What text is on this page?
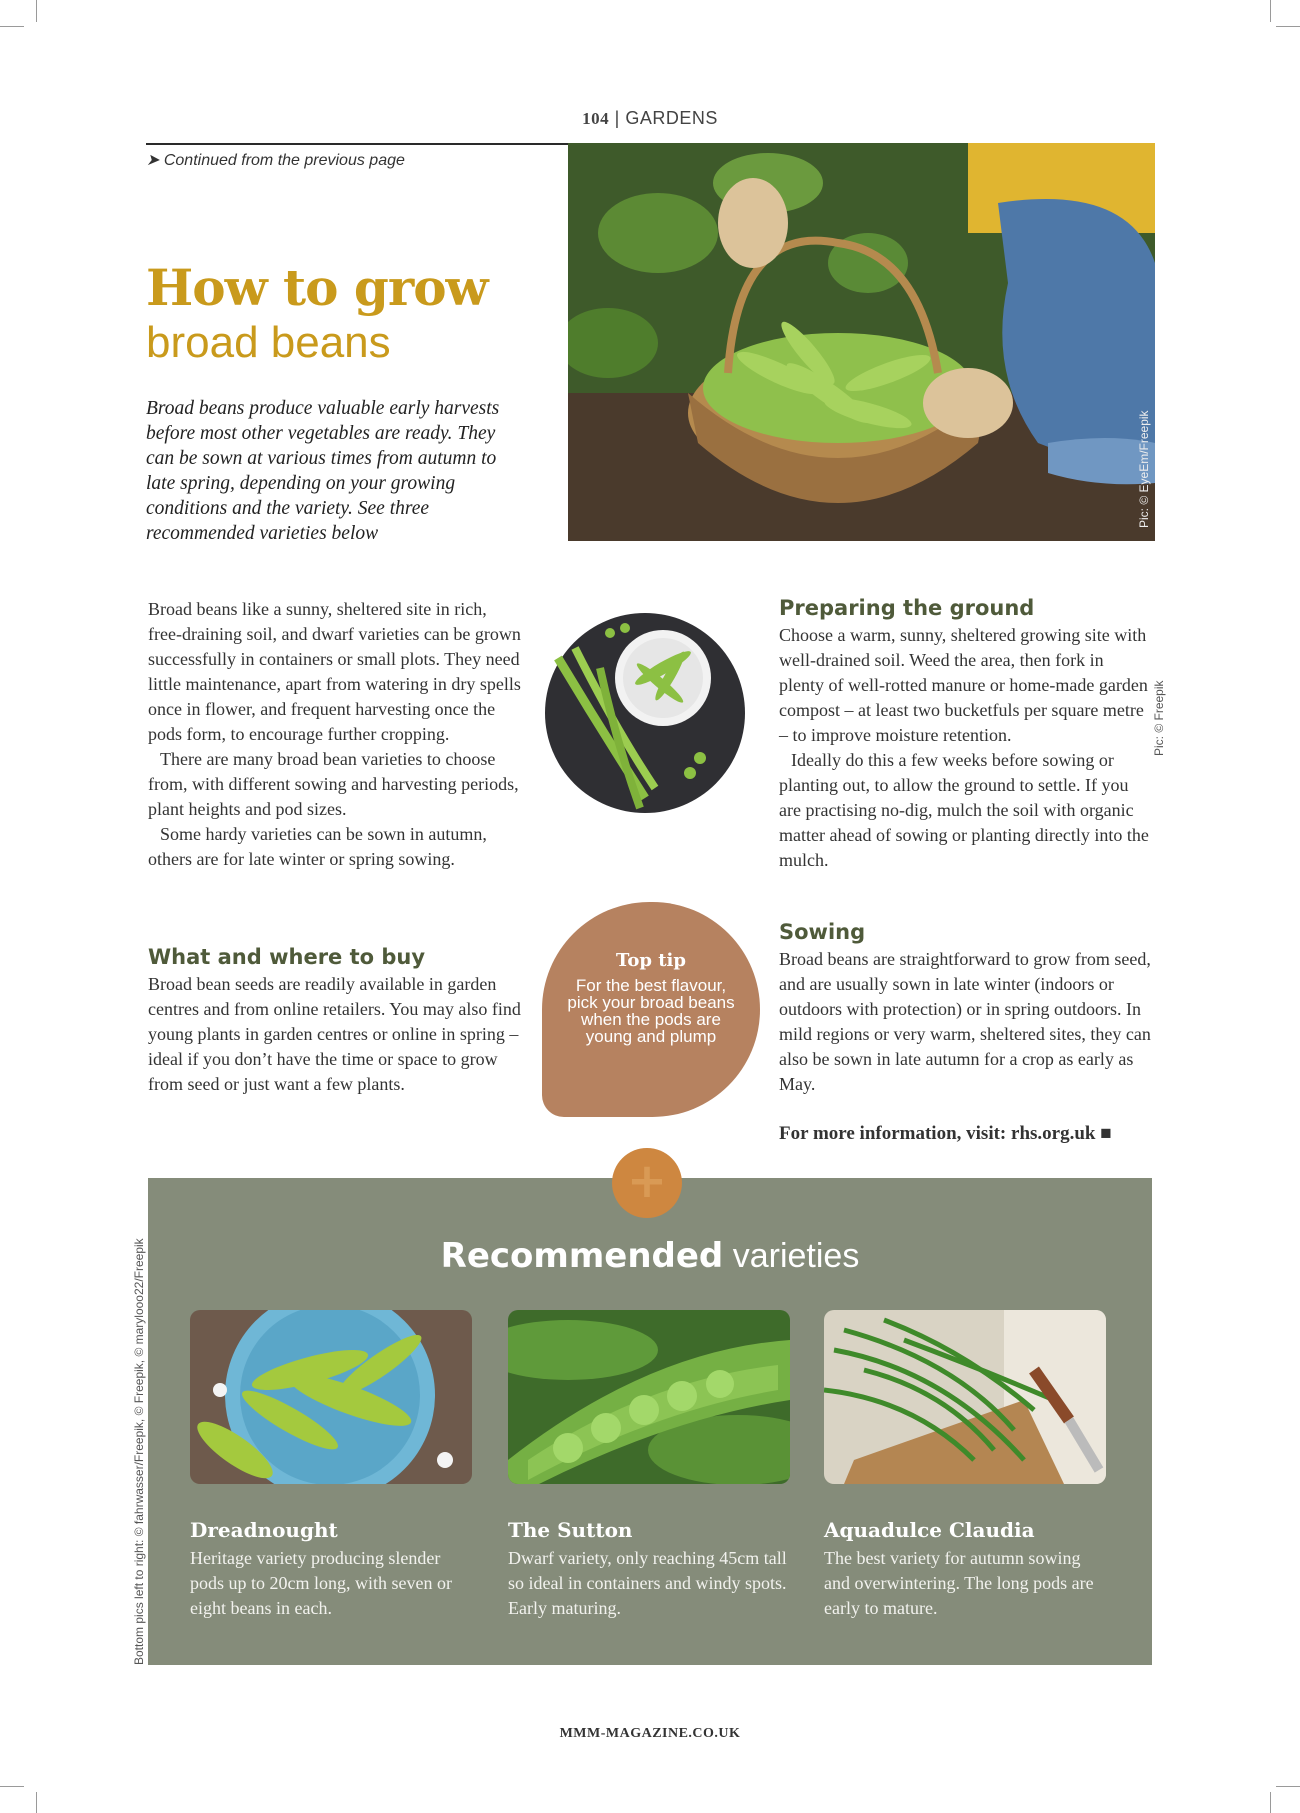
104 | GARDENS
➤ Continued from the previous page
How to grow
broad beans
Broad beans produce valuable early harvests before most other vegetables are ready. They can be sown at various times from autumn to late spring, depending on your growing conditions and the variety. See three recommended varieties below
Pic: © EyeEm/Freepik

Broad beans like a sunny, sheltered site in rich, free-draining soil, and dwarf varieties can be grown successfully in containers or small plots. They need little maintenance, apart from watering in dry spells once in flower, and frequent harvesting once the pods form, to encourage further cropping.

There are many broad bean varieties to choose from, with different sowing and harvesting periods, plant heights and pod sizes.

Some hardy varieties can be sown in autumn, others are for late winter or spring sowing.

What and where to buy
Broad bean seeds are readily available in garden centres and from online retailers. You may also find young plants in garden centres or online in spring – ideal if you don’t have the time or space to grow from seed or just want a few plants.
Top tip
For the best flavour, pick your broad beans when the pods are young and plump
Preparing the ground

Choose a warm, sunny, sheltered growing site with well-drained soil. Weed the area, then fork in plenty of well-rotted manure or home-made garden compost – at least two bucketfuls per square metre – to improve moisture retention.

Ideally do this a few weeks before sowing or planting out, to allow the ground to settle. If you are practising no-dig, mulch the soil with organic matter ahead of sowing or planting directly into the mulch.

Sowing
Broad beans are straightforward to grow from seed, and are usually sown in late winter (indoors or outdoors with protection) or in spring outdoors. In mild regions or very warm, sheltered sites, they can also be sown in late autumn for a crop as early as May.
For more information, visit: rhs.org.uk ■
Pic: © Freepik
Bottom pics left to right: © fahrwasser/Freepik, © Freepik, © marylooo22/Freepik
+
Recommended varieties
Dreadnought
Heritage variety producing slender pods up to 20cm long, with seven or eight beans in each.
The Sutton
Dwarf variety, only reaching 45cm tall so ideal in containers and windy spots. Early maturing.
Aquadulce Claudia
The best variety for autumn sowing and overwintering. The long pods are early to mature.
MMM-MAGAZINE.CO.UK
